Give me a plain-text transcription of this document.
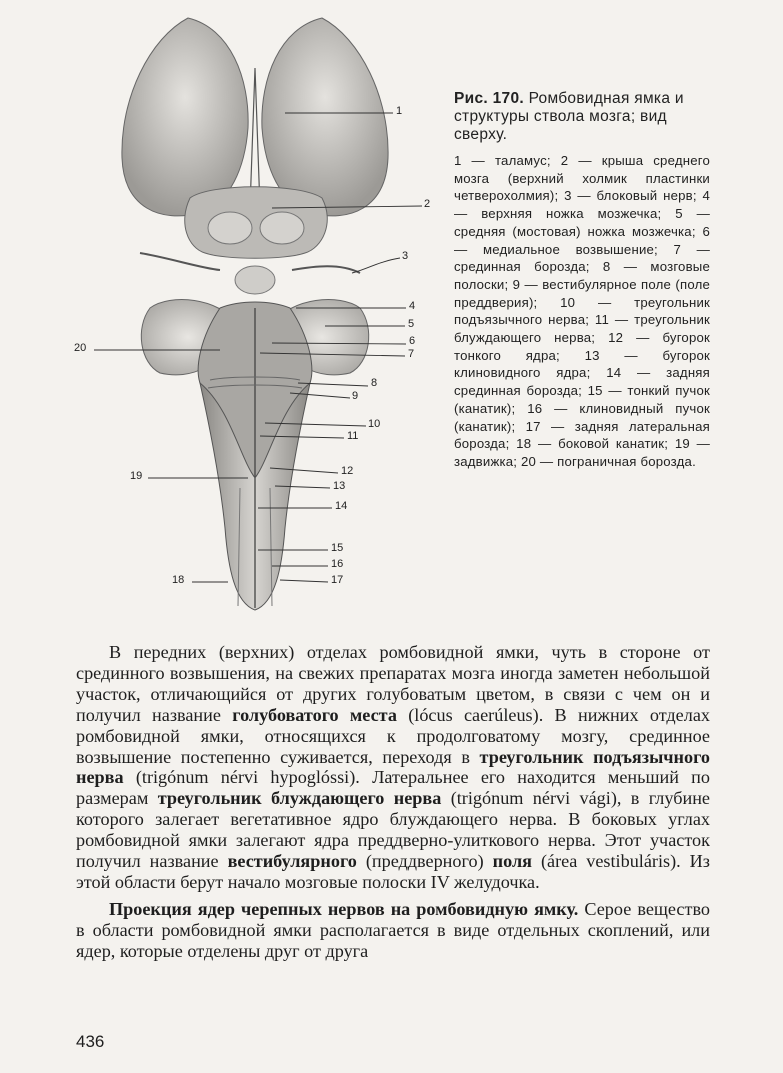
1
2
3
4
5
6
7
8
9
10
11
12
13
14
15
16
17
18
19
20
Рис. 170. Ромбовидная ямка и структуры ствола мозга; вид сверху.
1 — таламус; 2 — крыша среднего мозга (верхний холмик пластинки четверохолмия); 3 — блоковый нерв; 4 — верхняя ножка мозжечка; 5 — средняя (мостовая) ножка мозжечка; 6 — медиальное возвышение; 7 — срединная борозда; 8 — мозговые полоски; 9 — вестибулярное поле (поле преддверия); 10 — треугольник подъязычного нерва; 11 — треугольник блуждающего нерва; 12 — бугорок тонкого ядра; 13 — бугорок клиновидного ядра; 14 — задняя срединная борозда; 15 — тонкий пучок (канатик); 16 — клиновидный пучок (канатик); 17 — задняя латеральная борозда; 18 — боковой канатик; 19 — задвижка; 20 — пограничная борозда.

В передних (верхних) отделах ромбовидной ямки, чуть в стороне от срединного возвышения, на свежих препаратах мозга иногда заметен небольшой участок, отличающийся от других голубоватым цветом, в связи с чем он и получил название голубоватого места (lócus caerúleus). В нижних отделах ромбовидной ямки, относящихся к продолговатому мозгу, срединное возвышение постепенно суживается, переходя в треугольник подъязычного нерва (trigónum nérvi hypoglóssi). Латеральнее его находится меньший по размерам треугольник блуждающего нерва (trigónum nérvi vági), в глубине которого залегает вегетативное ядро блуждающего нерва. В боковых углах ромбовидной ямки залегают ядра преддверно-улиткового нерва. Этот участок получил название вестибулярного (преддверного) поля (área vestibuláris). Из этой области берут начало мозговые полоски IV желудочка.

Проекция ядер черепных нервов на ромбовидную ямку. Серое вещество в области ромбовидной ямки располагается в виде отдельных скоплений, или ядер, которые отделены друг от друга

436
